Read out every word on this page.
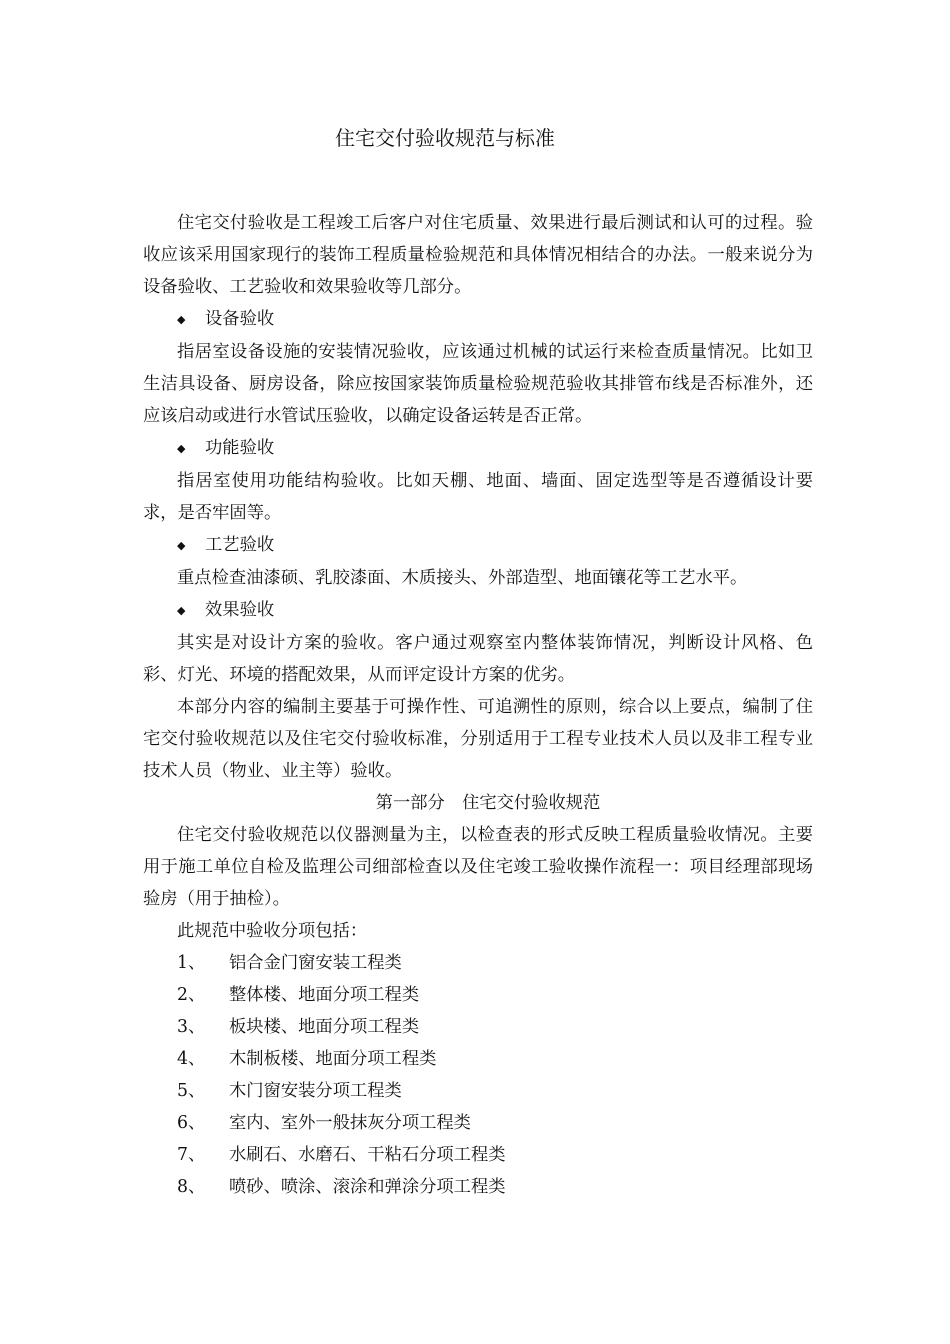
住宅交付验收规范与标准

住宅交付验收是工程竣工后客户对住宅质量、效果进行最后测试和认可的过程。验收应该采用国家现行的装饰工程质量检验规范和具体情况相结合的办法。一般来说分为设备验收、工艺验收和效果验收等几部分。

◆ 设备验收

指居室设备设施的安装情况验收，应该通过机械的试运行来检查质量情况。比如卫生洁具设备、厨房设备，除应按国家装饰质量检验规范验收其排管布线是否标准外，还应该启动或进行水管试压验收，以确定设备运转是否正常。

◆ 功能验收

指居室使用功能结构验收。比如天棚、地面、墙面、固定选型等是否遵循设计要求，是否牢固等。

◆ 工艺验收

重点检查油漆硕、乳胶漆面、木质接头、外部造型、地面镶花等工艺水平。

◆ 效果验收

其实是对设计方案的验收。客户通过观察室内整体装饰情况，判断设计风格、色彩、灯光、环境的搭配效果，从而评定设计方案的优劣。

本部分内容的编制主要基于可操作性、可追溯性的原则，综合以上要点，编制了住宅交付验收规范以及住宅交付验收标准，分别适用于工程专业技术人员以及非工程专业技术人员（物业、业主等）验收。

第一部分　住宅交付验收规范

住宅交付验收规范以仪器测量为主，以检查表的形式反映工程质量验收情况。主要用于施工单位自检及监理公司细部检查以及住宅竣工验收操作流程一：项目经理部现场验房（用于抽检）。

此规范中验收分项包括：

1、 铝合金门窗安装工程类

2、 整体楼、地面分项工程类

3、 板块楼、地面分项工程类

4、 木制板楼、地面分项工程类

5、 木门窗安装分项工程类

6、 室内、室外一般抹灰分项工程类

7、 水刷石、水磨石、干粘石分项工程类

8、 喷砂、喷涂、滚涂和弹涂分项工程类
